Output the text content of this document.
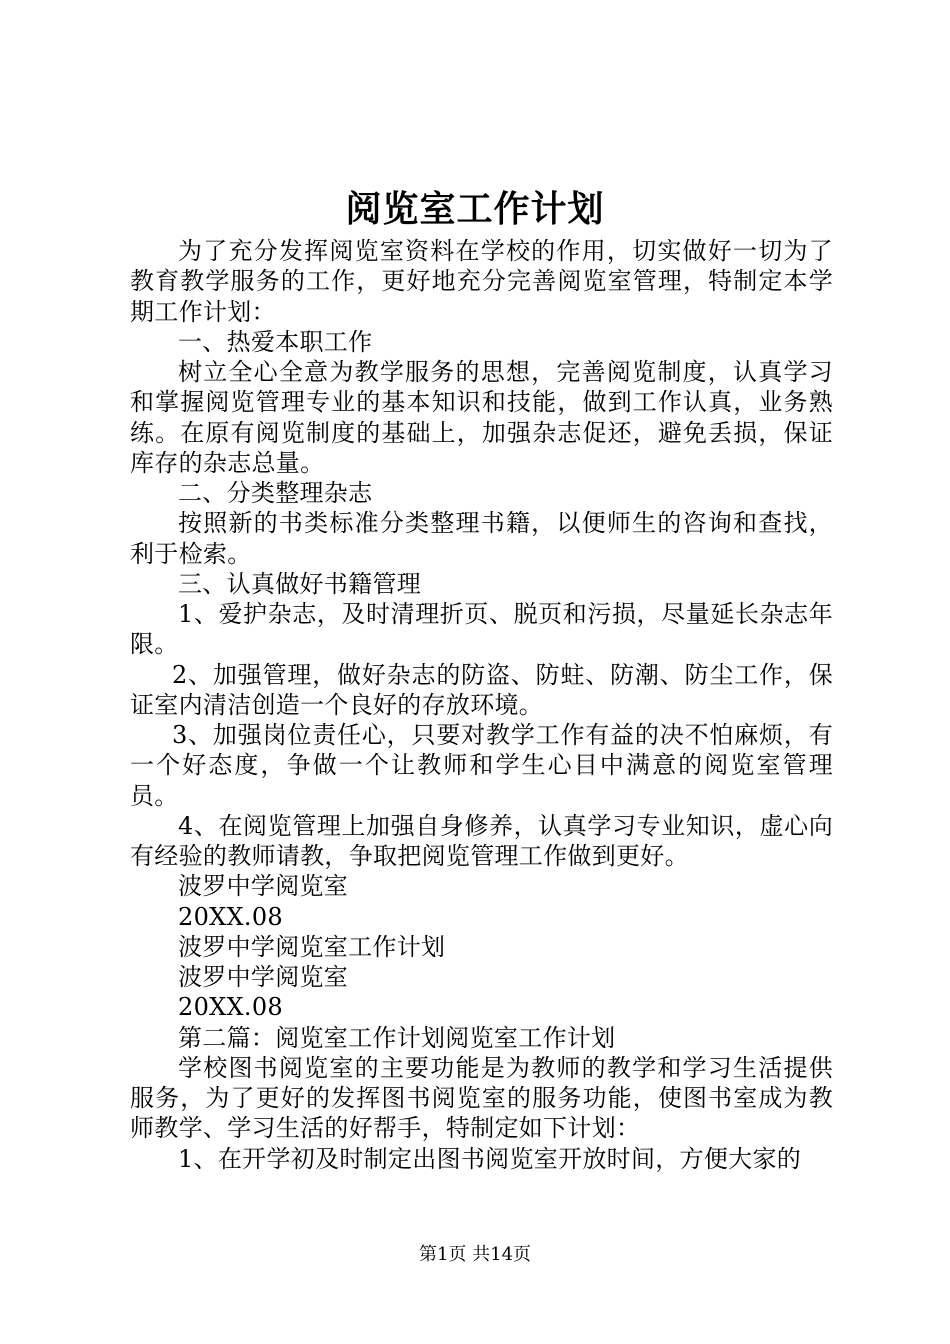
阅览室工作计划

为了充分发挥阅览室资料在学校的作用，切实做好一切为了教育教学服务的工作，更好地充分完善阅览室管理，特制定本学期工作计划：

一、热爱本职工作

树立全心全意为教学服务的思想，完善阅览制度，认真学习和掌握阅览管理专业的基本知识和技能，做到工作认真，业务熟练。在原有阅览制度的基础上，加强杂志促还，避免丢损，保证库存的杂志总量。

二、分类整理杂志

按照新的书类标准分类整理书籍，以便师生的咨询和查找，利于检索。

三、认真做好书籍管理

1、爱护杂志，及时清理折页、脱页和污损，尽量延长杂志年限。

2、加强管理，做好杂志的防盗、防蛀、防潮、防尘工作，保证室内清洁创造一个良好的存放环境。

3、加强岗位责任心，只要对教学工作有益的决不怕麻烦，有一个好态度，争做一个让教师和学生心目中满意的阅览室管理员。

4、在阅览管理上加强自身修养，认真学习专业知识，虚心向有经验的教师请教，争取把阅览管理工作做到更好。

波罗中学阅览室

20XX.08

波罗中学阅览室工作计划

波罗中学阅览室

20XX.08

第二篇：阅览室工作计划阅览室工作计划

学校图书阅览室的主要功能是为教师的教学和学习生活提供服务，为了更好的发挥图书阅览室的服务功能，使图书室成为教师教学、学习生活的好帮手，特制定如下计划：

1、在开学初及时制定出图书阅览室开放时间，方便大家的

第1页 共14页
